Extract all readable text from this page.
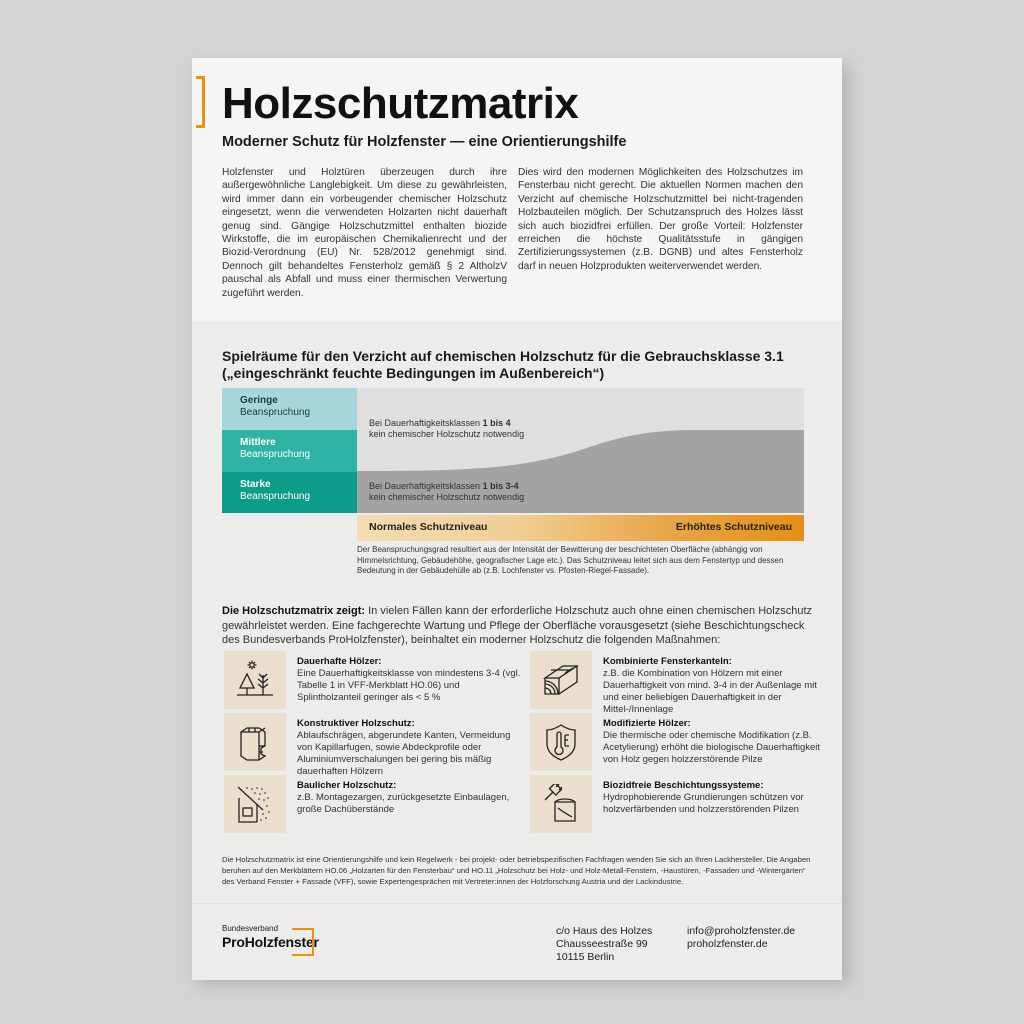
Holzschutzmatrix
Moderner Schutz für Holzfenster — eine Orientierungshilfe
Holzfenster und Holztüren überzeugen durch ihre außergewöhnliche Langlebigkeit. Um diese zu gewährleisten, wird immer dann ein vorbeugender chemischer Holzschutz eingesetzt, wenn die verwendeten Holzarten nicht dauerhaft genug sind. Gängige Holzschutzmittel enthalten biozide Wirkstoffe, die im europäischen Chemikalienrecht und der Biozid-Verordnung (EU) Nr. 528/2012 genehmigt sind. Dennoch gilt behandeltes Fensterholz gemäß § 2 AltholzV pauschal als Abfall und muss einer thermischen Verwertung zugeführt werden.
Dies wird den modernen Möglichkeiten des Holzschutzes im Fensterbau nicht gerecht. Die aktuellen Normen machen den Verzicht auf chemische Holzschutzmittel bei nicht-tragenden Holzbauteilen möglich. Der Schutzanspruch des Holzes lässt sich auch biozidfrei erfüllen. Der große Vorteil: Holzfenster erreichen die höchste Qualitätsstufe in gängigen Zertifizierungssystemen (z.B. DGNB) und altes Fensterholz darf in neuen Holzprodukten weiterverwendet werden.
Spielräume für den Verzicht auf chemischen Holzschutz für die Gebrauchsklasse 3.1
(„eingeschränkt feuchte Bedingungen im Außenbereich“)
Geringe
Beanspruchung
Mittlere
Beanspruchung
Starke
Beanspruchung
Bei Dauerhaftigkeitsklassen 1 bis 4
kein chemischer Holzschutz notwendig
Bei Dauerhaftigkeitsklassen 1 bis 3-4
kein chemischer Holzschutz notwendig
Normales Schutzniveau	Erhöhtes Schutzniveau
Der Beanspruchungsgrad resultiert aus der Intensität der Bewitterung der beschichteten Oberfläche (abhängig von Himmelsrichtung, Gebäudehöhe, geografischer Lage etc.). Das Schutzniveau leitet sich aus dem Fenstertyp und dessen Bedeutung in der Gebäudehülle ab (z.B. Lochfenster vs. Pfosten-Riegel-Fassade).
Die Holzschutzmatrix zeigt: In vielen Fällen kann der erforderliche Holzschutz auch ohne einen chemischen Holzschutz gewährleistet werden. Eine fachgerechte Wartung und Pflege der Oberfläche vorausgesetzt (siehe Beschichtungscheck des Bundesverbands ProHolzfenster), beinhaltet ein moderner Holzschutz die folgenden Maßnahmen:
Dauerhafte Hölzer:
Eine Dauerhaftigkeitsklasse von mindestens 3-4 (vgl. Tabelle 1 in VFF-Merkblatt HO.06) und Splintholzanteil geringer als < 5 %
Konstruktiver Holzschutz:
Ablaufschrägen, abgerundete Kanten, Vermeidung von Kapillarfugen, sowie Abdeckprofile oder Aluminiumverschalungen bei gering bis mäßig dauerhaften Hölzern
Baulicher Holzschutz:
z.B. Montagezargen, zurückgesetzte Einbaulagen, große Dachüberstände
Kombinierte Fensterkanteln:
z.B. die Kombination von Hölzern mit einer Dauerhaftigkeit von mind. 3-4 in der Außenlage mit und einer beliebigen Dauerhaftigkeit in der Mittel-/Innenlage
Modifizierte Hölzer:
Die thermische oder chemische Modifikation (z.B. Acetylierung) erhöht die biologische Dauerhaftigkeit von Holz gegen holzzerstörende Pilze
Biozidfreie Beschichtungssysteme:
Hydrophobierende Grundierungen schützen vor holzverfärbenden und holzzerstörenden Pilzen
Die Holzschutzmatrix ist eine Orientierungshilfe und kein Regelwerk - bei projekt- oder betriebspezifischen Fachfragen wenden Sie sich an Ihren Lackhersteller. Die Angaben beruhen auf den Merkblättern HO.06 „Holzarten für den Fensterbau“ und HO.11 „Holzschutz bei Holz- und Holz-Metall-Fenstern, -Haustüren, -Fassaden und -Wintergärten“ des Verband Fenster + Fassade (VFF), sowie Expertengesprächen mit Vertreter:innen der Holzforschung Austria und der Lackindustrie.
Bundesverband
ProHolzfenster
c/o Haus des Holzes
Chausseestraße 99
10115 Berlin
info@proholzfenster.de
proholzfenster.de
